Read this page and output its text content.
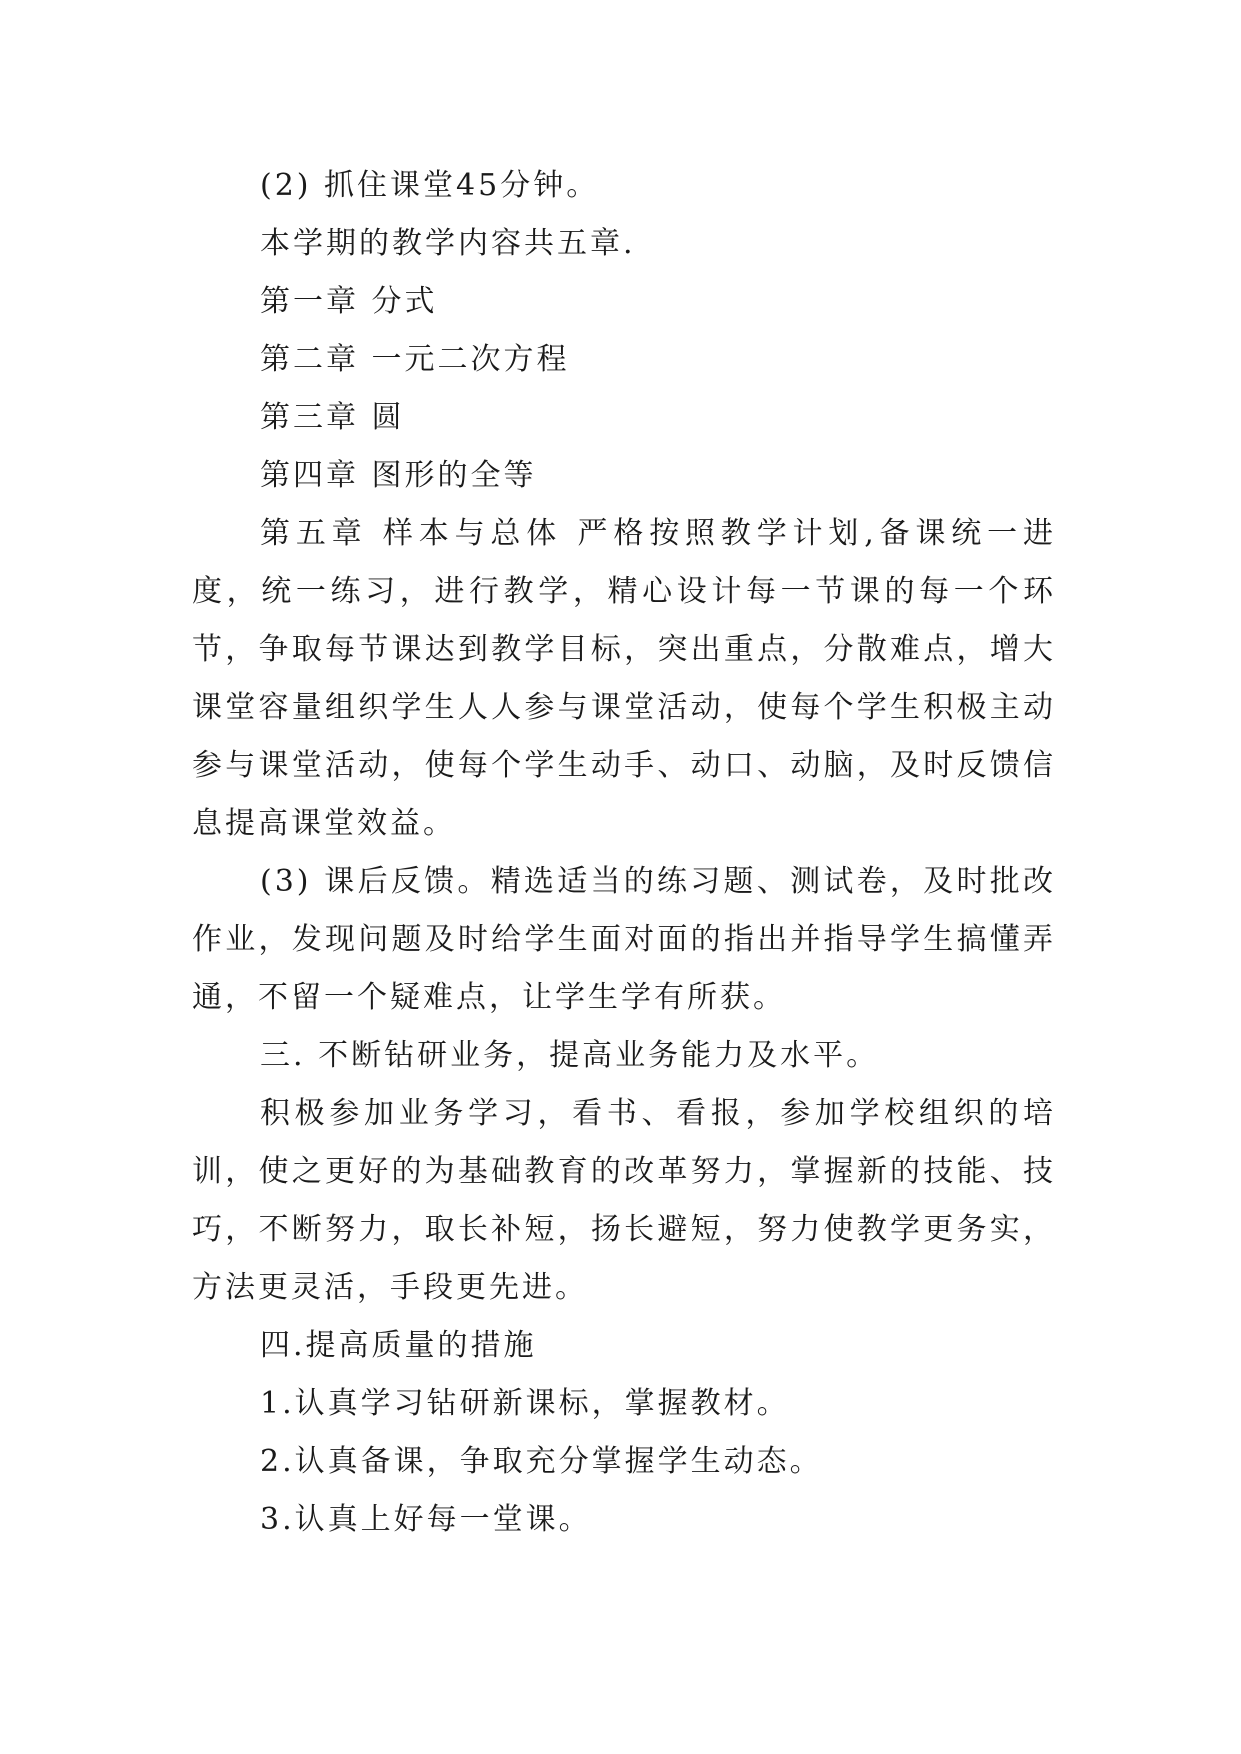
(2) 抓住课堂45分钟。

本学期的教学内容共五章.

第一章 分式

第二章 一元二次方程

第三章 圆

第四章 图形的全等

第五章 样本与总体 严格按照教学计划,备课统一进度，统一练习，进行教学，精心设计每一节课的每一个环节，争取每节课达到教学目标，突出重点，分散难点，增大课堂容量组织学生人人参与课堂活动，使每个学生积极主动参与课堂活动，使每个学生动手、动口、动脑，及时反馈信息提高课堂效益。

(3) 课后反馈。精选适当的练习题、测试卷，及时批改作业，发现问题及时给学生面对面的指出并指导学生搞懂弄通，不留一个疑难点，让学生学有所获。

三. 不断钻研业务，提高业务能力及水平。

积极参加业务学习，看书、看报，参加学校组织的培训，使之更好的为基础教育的改革努力，掌握新的技能、技巧，不断努力，取长补短，扬长避短，努力使教学更务实，方法更灵活，手段更先进。

四.提高质量的措施

1.认真学习钻研新课标，掌握教材。

2.认真备课，争取充分掌握学生动态。

3.认真上好每一堂课。
